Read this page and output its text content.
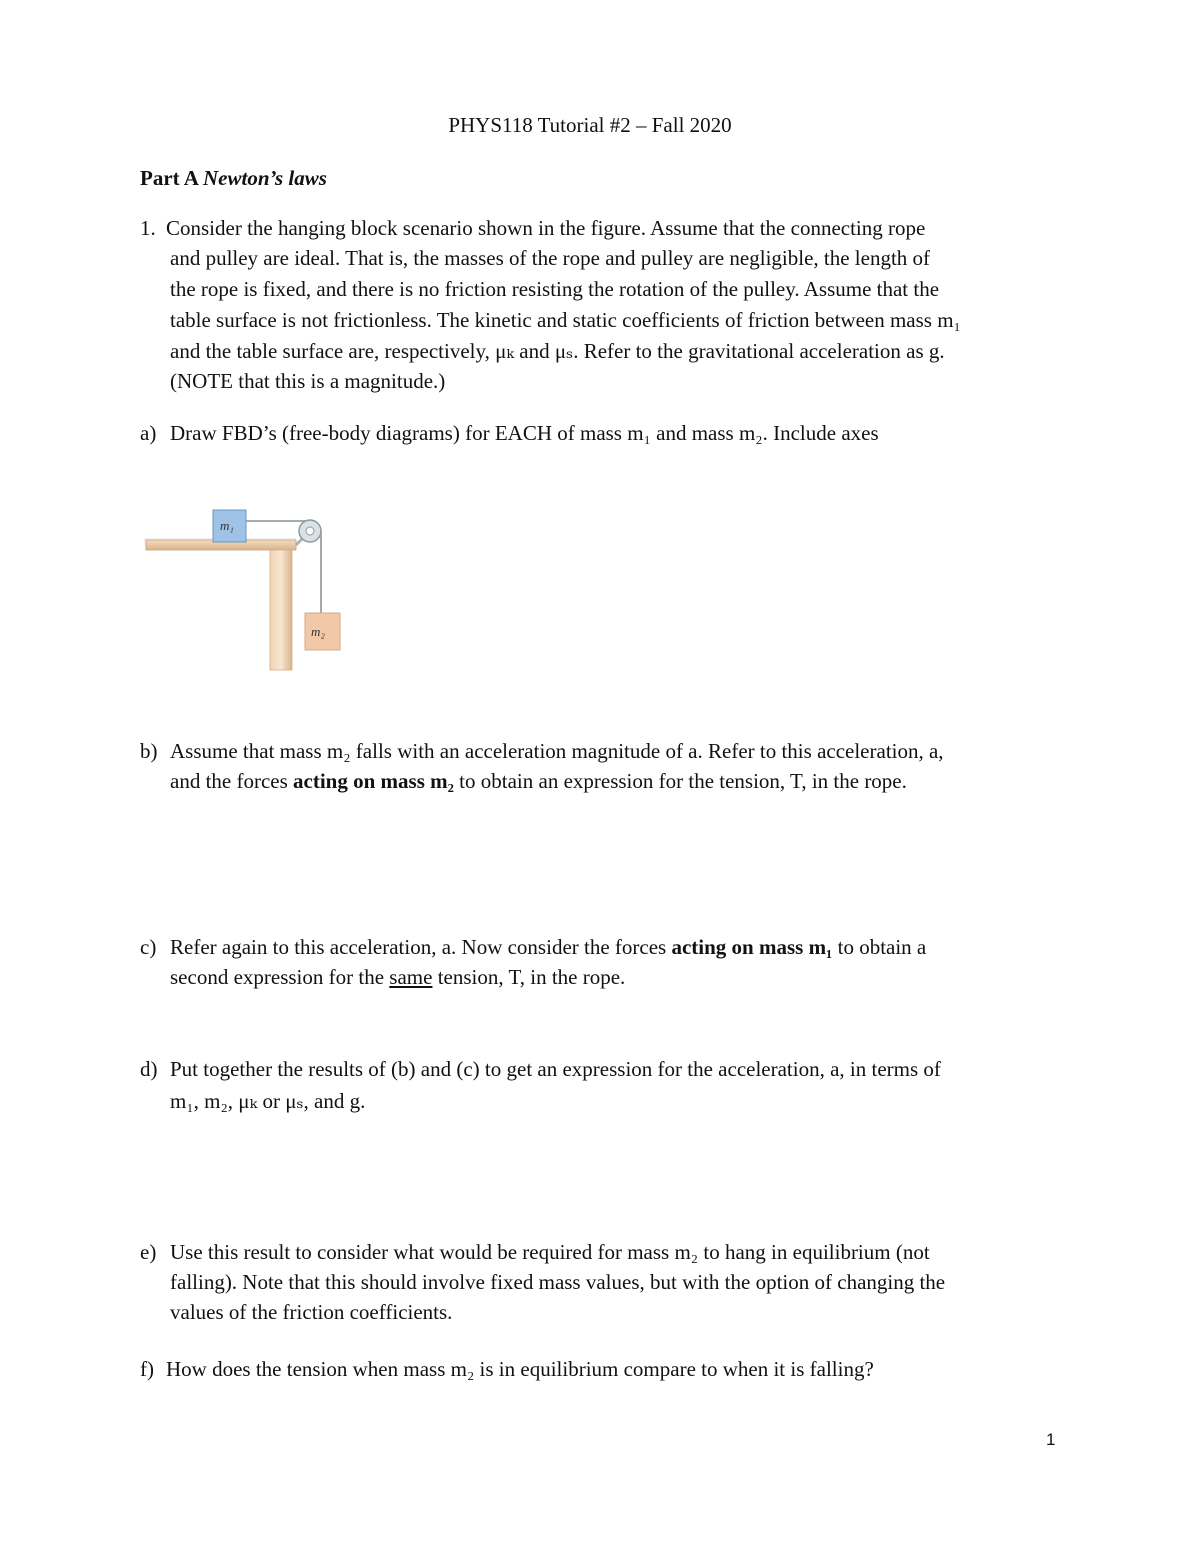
PHYS118 Tutorial #2 – Fall 2020
Part A Newton’s laws
1. Consider the hanging block scenario shown in the figure. Assume that the connecting rope
and pulley are ideal. That is, the masses of the rope and pulley are negligible, the length of
the rope is fixed, and there is no friction resisting the rotation of the pulley. Assume that the
table surface is not frictionless. The kinetic and static coefficients of friction between mass m₁
and the table surface are, respectively, μₖ and μₛ. Refer to the gravitational acceleration as g.
(NOTE that this is a magnitude.)
a) Draw FBD’s (free-body diagrams) for EACH of mass m₁ and mass m₂. Include axes
m₁
m₂
b) Assume that mass m₂ falls with an acceleration magnitude of a. Refer to this acceleration, a,
and the forces acting on mass m₂ to obtain an expression for the tension, T, in the rope.
c) Refer again to this acceleration, a. Now consider the forces acting on mass m₁ to obtain a
second expression for the same tension, T, in the rope.
d) Put together the results of (b) and (c) to get an expression for the acceleration, a, in terms of
m₁, m₂, μₖ or μₛ, and g.
e) Use this result to consider what would be required for mass m₂ to hang in equilibrium (not
falling). Note that this should involve fixed mass values, but with the option of changing the
values of the friction coefficients.
f) How does the tension when mass m₂ is in equilibrium compare to when it is falling?
1
